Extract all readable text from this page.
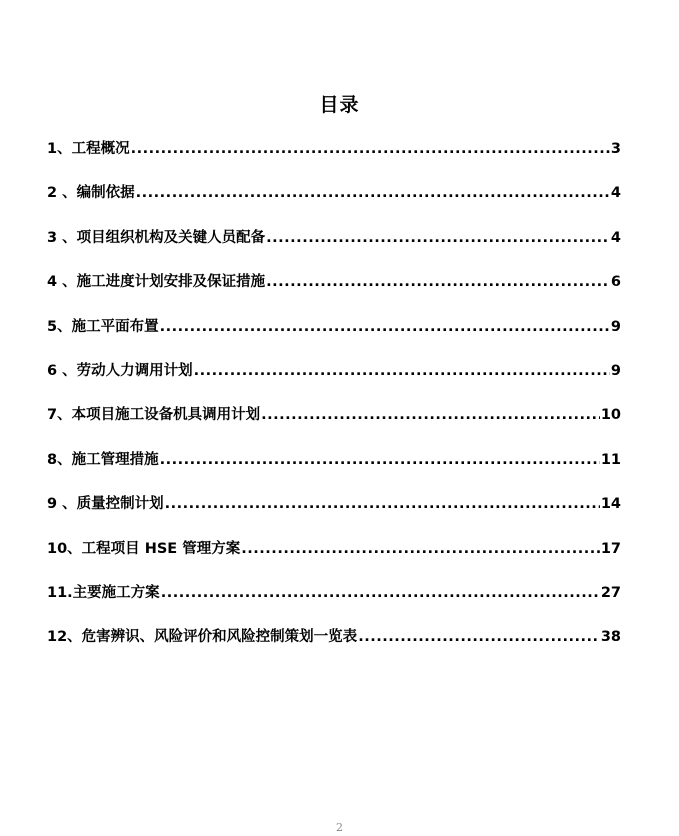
目录
1、工程概况 .....	3
2 、编制依据 .....	4
3 、项目组织机构及关键人员配备 .....	4
4 、施工进度计划安排及保证措施 .....	6
5、施工平面布置 .....	9
6 、劳动人力调用计划 .....	9
7、本项目施工设备机具调用计划 .....	10
8、施工管理措施 .....	11
9 、质量控制计划 .....	14
10、工程项目 HSE 管理方案 .....	17
11.主要施工方案 .....	27
12、危害辨识、风险评价和风险控制策划一览表 .....	38
2
